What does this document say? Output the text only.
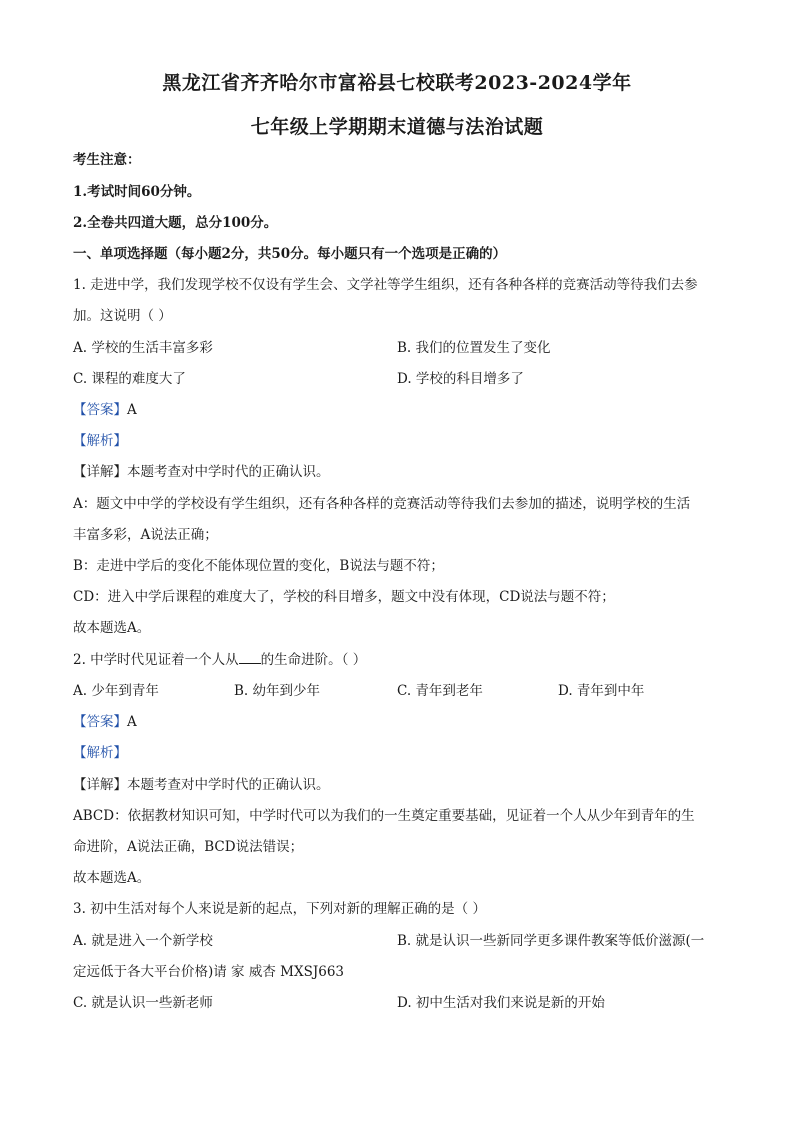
黑龙江省齐齐哈尔市富裕县七校联考2023-2024学年
七年级上学期期末道德与法治试题
考生注意：
1.考试时间60分钟。
2.全卷共四道大题，总分100分。
一、单项选择题（每小题2分，共50分。每小题只有一个选项是正确的）
1. 走进中学，我们发现学校不仅设有学生会、文学社等学生组织，还有各种各样的竞赛活动等待我们去参
加。这说明（ ）
A. 学校的生活丰富多彩	B. 我们的位置发生了变化
C. 课程的难度大了	D. 学校的科目增多了
【答案】A
【解析】
【详解】本题考查对中学时代的正确认识。
A：题文中中学的学校设有学生组织，还有各种各样的竞赛活动等待我们去参加的描述，说明学校的生活
丰富多彩，A说法正确；
B：走进中学后的变化不能体现位置的变化，B说法与题不符；
CD：进入中学后课程的难度大了，学校的科目增多，题文中没有体现，CD说法与题不符；
故本题选A。
2. 中学时代见证着一个人从 的生命进阶。（ ）
A. 少年到青年	B. 幼年到少年	C. 青年到老年	D. 青年到中年
【答案】A
【解析】
【详解】本题考查对中学时代的正确认识。
ABCD：依据教材知识可知，中学时代可以为我们的一生奠定重要基础，见证着一个人从少年到青年的生
命进阶，A说法正确，BCD说法错误；
故本题选A。
3. 初中生活对每个人来说是新的起点，下列对新的理解正确的是（ ）
A. 就是进入一个新学校	B. 就是认识一些新同学更多课件教案等低价滋源(一
定远低于各大平台价格)请 家 威杏 MXSJ663
C. 就是认识一些新老师	D. 初中生活对我们来说是新的开始
